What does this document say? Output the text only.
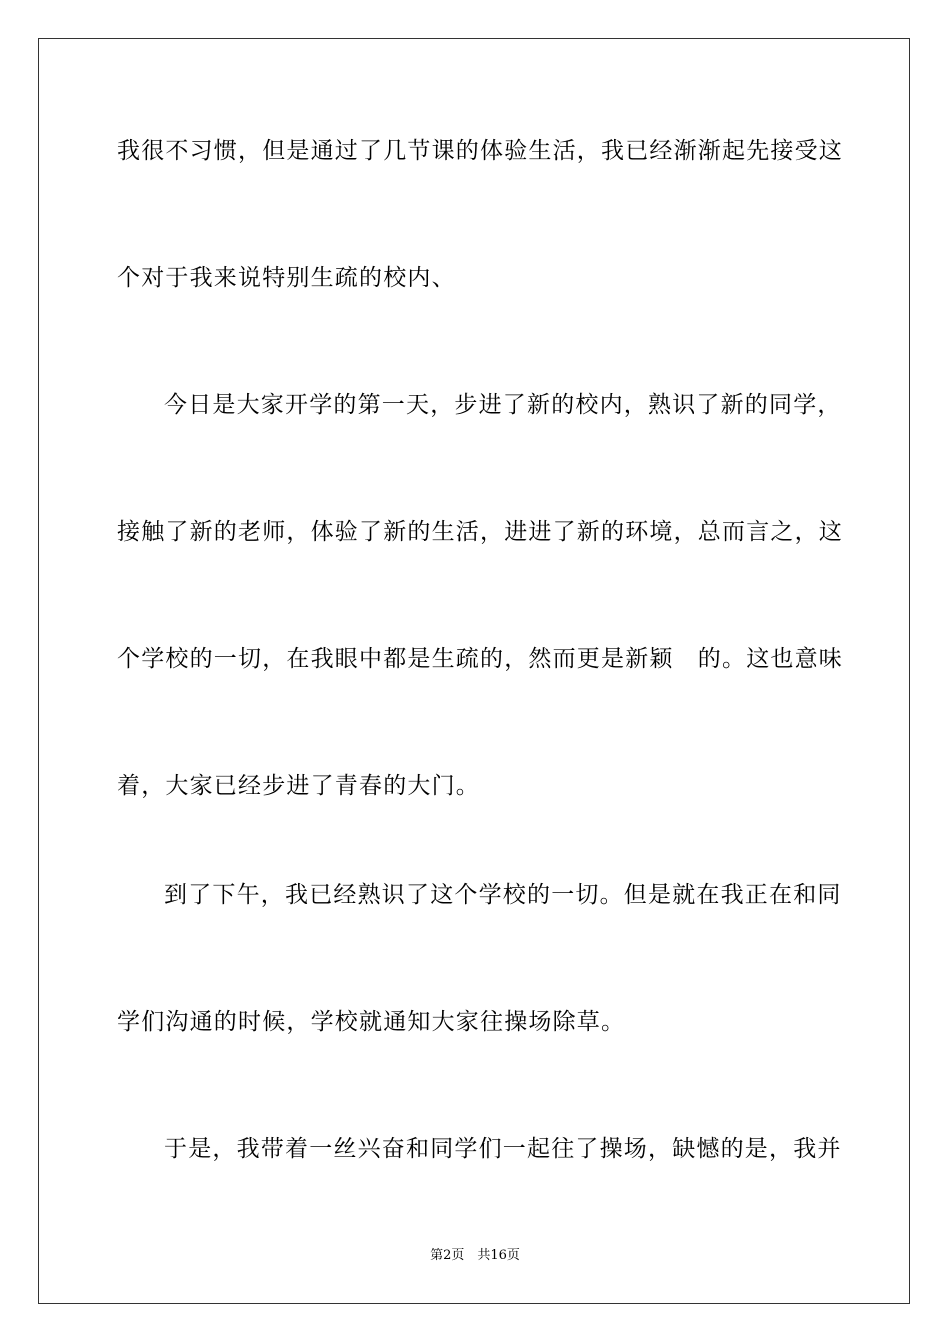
我很不习惯，但是通过了几节课的体验生活，我已经渐渐起先接受这
个对于我来说特别生疏的校内、
今日是大家开学的第一天，步进了新的校内，熟识了新的同学，
接触了新的老师，体验了新的生活，进进了新的环境，总而言之，这
个学校的一切，在我眼中都是生疏的，然而更是新颖　的。这也意味
着，大家已经步进了青春的大门。
到了下午，我已经熟识了这个学校的一切。但是就在我正在和同
学们沟通的时候，学校就通知大家往操场除草。
于是，我带着一丝兴奋和同学们一起往了操场，缺憾的是，我并
第2页　共16页
